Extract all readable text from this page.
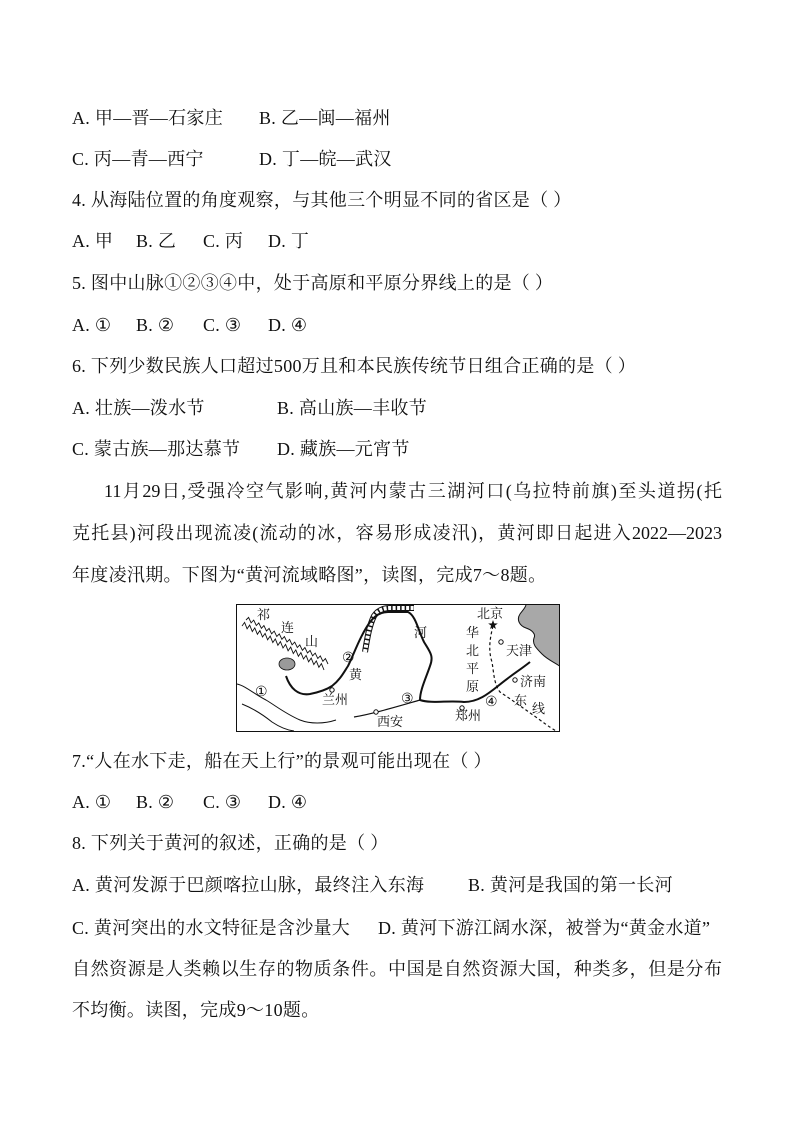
A. 甲—晋—石家庄 B. 乙—闽—福州
C. 丙—青—西宁	D. 丁—皖—武汉
4. 从海陆位置的角度观察，与其他三个明显不同的省区是（ ）
A. 甲 B. 乙 C. 丙 D. 丁
5. 图中山脉①②③④中，处于高原和平原分界线上的是（ ）
A. ① B. ② C. ③ D. ④
6. 下列少数民族人口超过500万且和本民族传统节日组合正确的是（ ）
A. 壮族—泼水节	B. 高山族—丰收节
C. 蒙古族—那达慕节 D. 藏族—元宵节
11月29日,受强冷空气影响,黄河内蒙古三湖河口(乌拉特前旗)至头道拐(托
克托县)河段出现流凌(流动的冰，容易形成凌汛)，黄河即日起进入2022—2023
年度凌汛期。下图为“黄河流域略图”，读图，完成7～8题。
祁
连
山
黄
河
兰州
西安	郑州
济南
北京
天津
华
北
平
原
东
线
①
②
③	④
7.“人在水下走，船在天上行”的景观可能出现在（ ）
A. ① B. ② C. ③ D. ④
8. 下列关于黄河的叙述，正确的是（ ）
A. 黄河发源于巴颜喀拉山脉，最终注入东海 B. 黄河是我国的第一长河
C. 黄河突出的水文特征是含沙量大 D. 黄河下游江阔水深，被誉为“黄金水道”
自然资源是人类赖以生存的物质条件。中国是自然资源大国，种类多，但是分布
不均衡。读图，完成9～10题。
